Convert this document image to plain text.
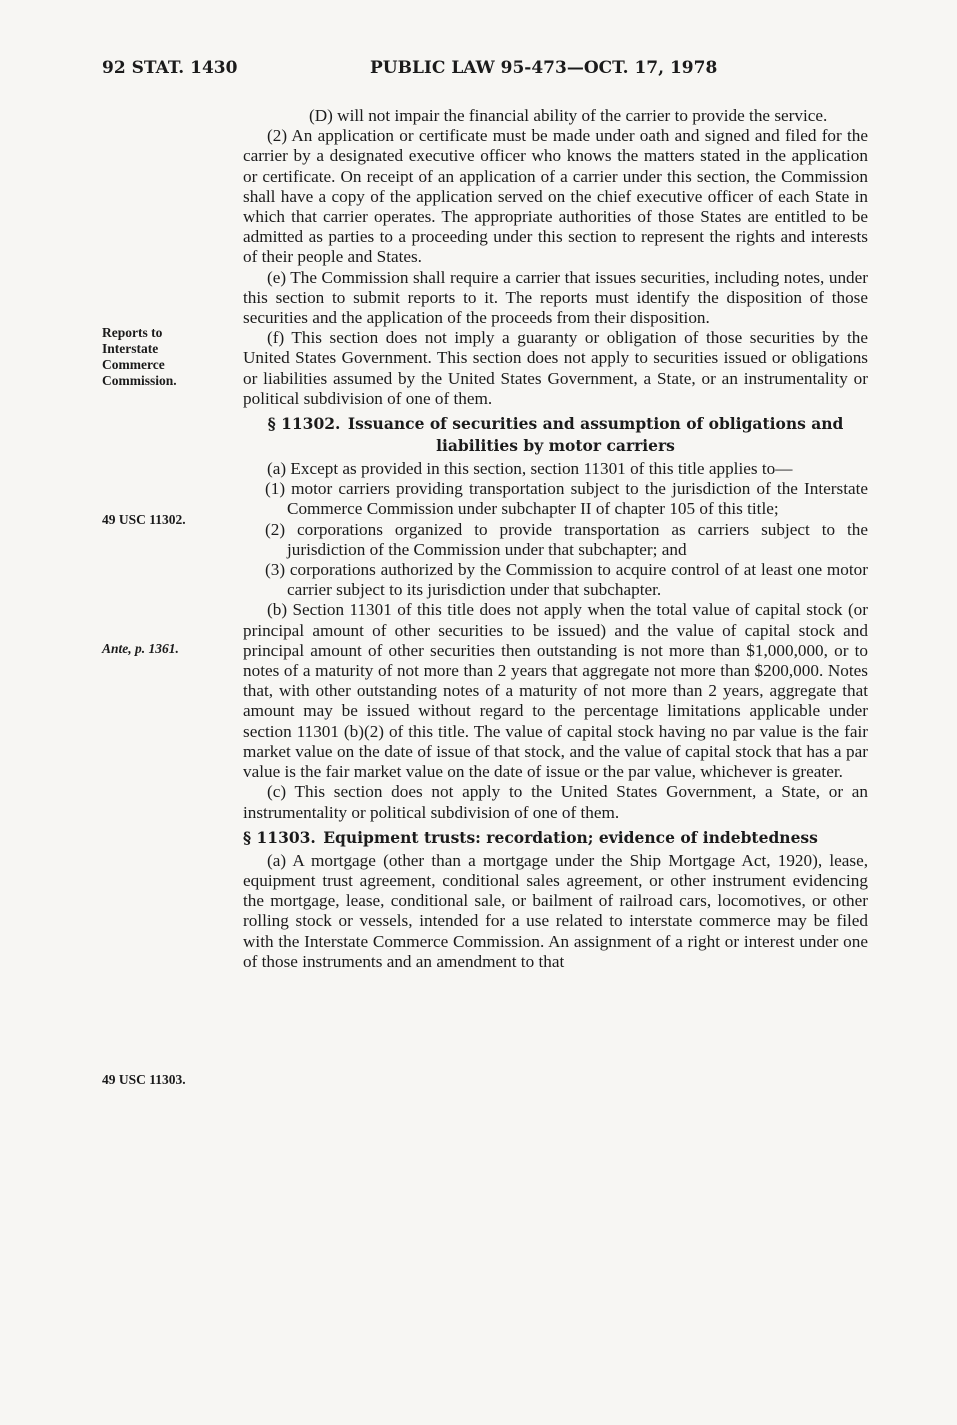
92 STAT. 1430	PUBLIC LAW 95-473—OCT. 17, 1978
Reports to
Interstate
Commerce
Commission.
49 USC 11302.
Ante, p. 1361.
49 USC 11303.

(D) will not impair the financial ability of the carrier to provide the service.

(2) An application or certificate must be made under oath and signed and filed for the carrier by a designated executive officer who knows the matters stated in the application or certificate. On receipt of an application of a carrier under this section, the Commission shall have a copy of the application served on the chief executive officer of each State in which that carrier operates. The appropriate authorities of those States are entitled to be admitted as parties to a proceeding under this section to represent the rights and interests of their people and States.

(e) The Commission shall require a carrier that issues securities, including notes, under this section to submit reports to it. The reports must identify the disposition of those securities and the application of the proceeds from their disposition.

(f) This section does not imply a guaranty or obligation of those securities by the United States Government. This section does not apply to securities issued or obligations or liabilities assumed by the United States Government, a State, or an instrumentality or political subdivision of one of them.

§ 11302. Issuance of securities and assumption of obligations and
liabilities by motor carriers

(a) Except as provided in this section, section 11301 of this title applies to—

(1) motor carriers providing transportation subject to the jurisdiction of the Interstate Commerce Commission under subchapter II of chapter 105 of this title;

(2) corporations organized to provide transportation as carriers subject to the jurisdiction of the Commission under that subchapter; and

(3) corporations authorized by the Commission to acquire control of at least one motor carrier subject to its jurisdiction under that subchapter.

(b) Section 11301 of this title does not apply when the total value of capital stock (or principal amount of other securities to be issued) and the value of capital stock and principal amount of other securities then outstanding is not more than $1,000,000, or to notes of a maturity of not more than 2 years that aggregate not more than $200,000. Notes that, with other outstanding notes of a maturity of not more than 2 years, aggregate that amount may be issued without regard to the percentage limitations applicable under section 11301 (b)(2) of this title. The value of capital stock having no par value is the fair market value on the date of issue of that stock, and the value of capital stock that has a par value is the fair market value on the date of issue or the par value, whichever is greater.

(c) This section does not apply to the United States Government, a State, or an instrumentality or political subdivision of one of them.

§ 11303. Equipment trusts: recordation; evidence of indebtedness

(a) A mortgage (other than a mortgage under the Ship Mortgage Act, 1920), lease, equipment trust agreement, conditional sales agreement, or other instrument evidencing the mortgage, lease, conditional sale, or bailment of railroad cars, locomotives, or other rolling stock or vessels, intended for a use related to interstate commerce may be filed with the Interstate Commerce Commission. An assignment of a right or interest under one of those instruments and an amendment to that
